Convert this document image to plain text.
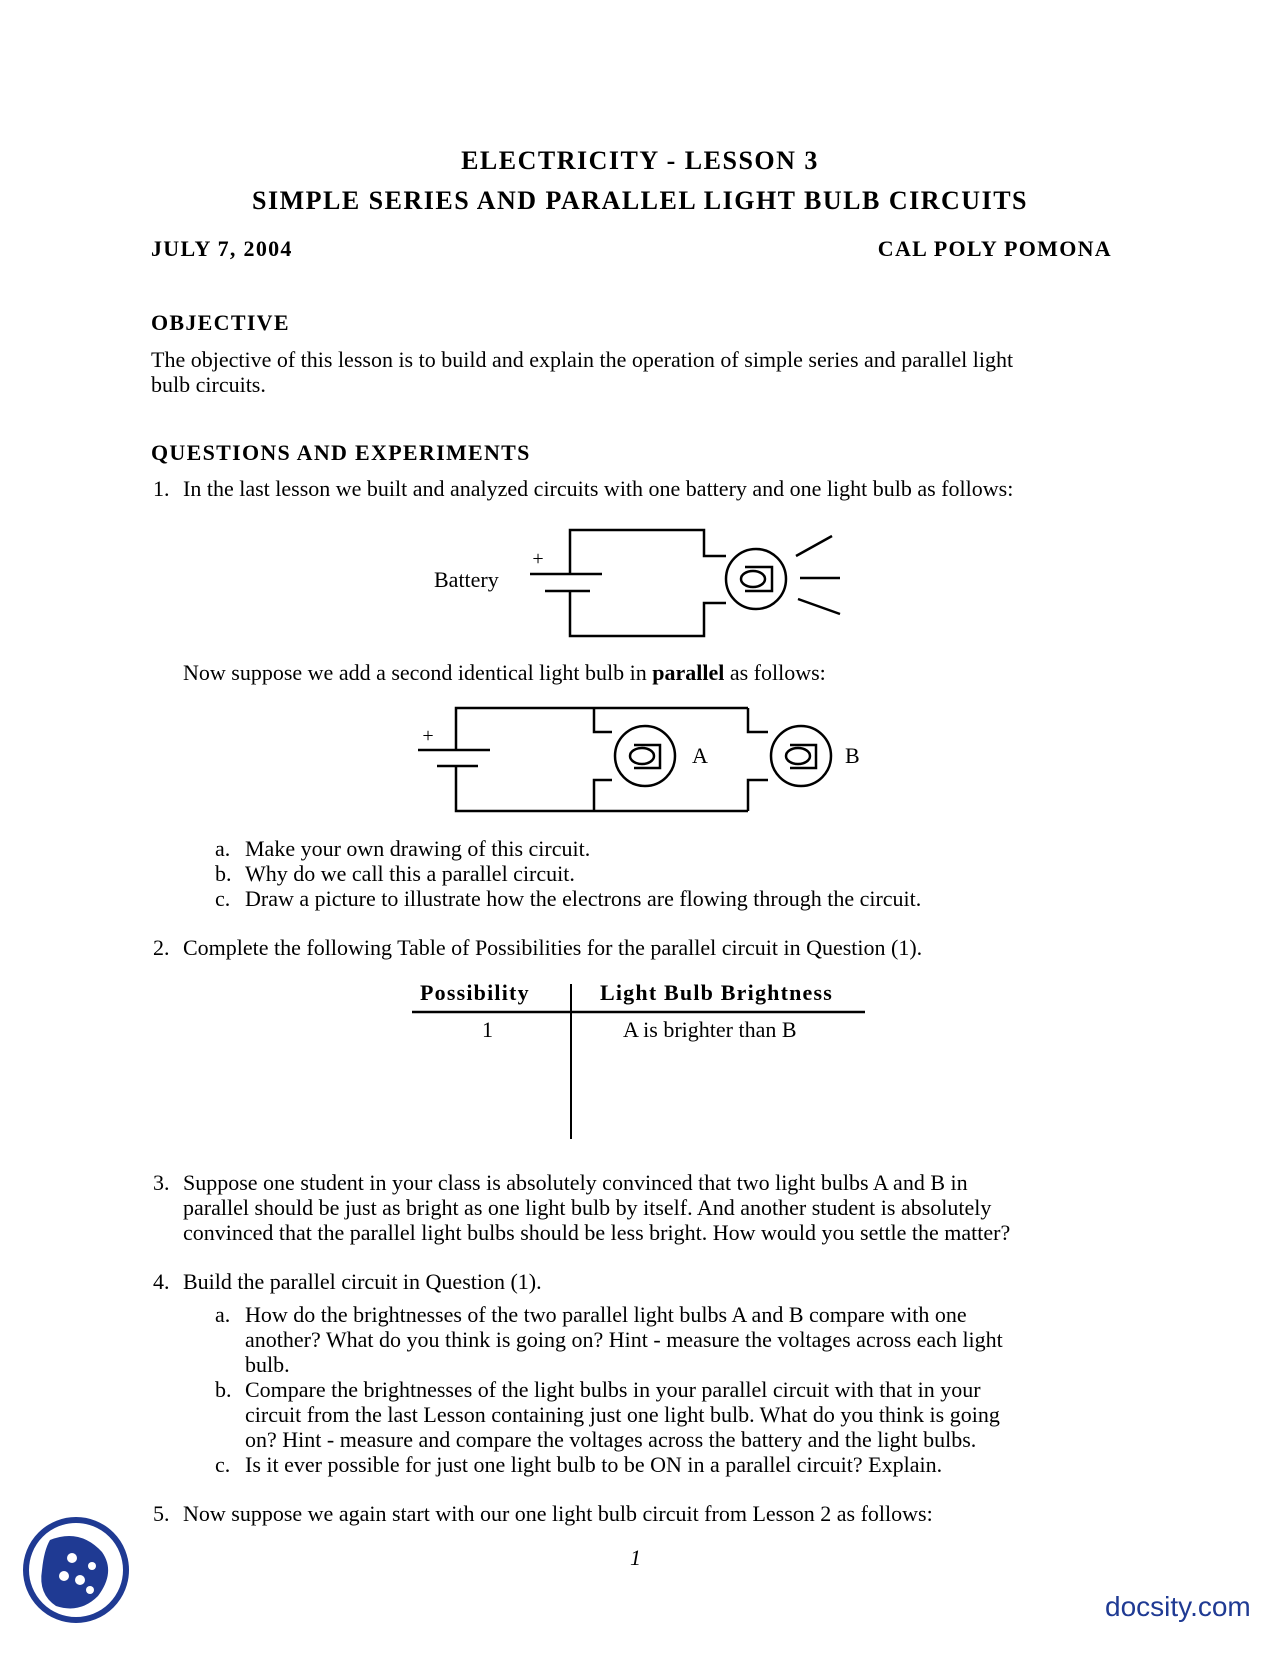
ELECTRICITY - LESSON 3
SIMPLE SERIES AND PARALLEL LIGHT BULB CIRCUITS
JULY 7, 2004	CAL POLY POMONA
OBJECTIVE
The objective of this lesson is to build and explain the operation of simple series and parallel light
bulb circuits.
QUESTIONS AND EXPERIMENTS
1. In the last lesson we built and analyzed circuits with one battery and one light bulb as follows:
+
Battery
+
A	B
Now suppose we add a second identical light bulb in parallel as follows:
a. Make your own drawing of this circuit.
b. Why do we call this a parallel circuit.
c. Draw a picture to illustrate how the electrons are flowing through the circuit.
2. Complete the following Table of Possibilities for the parallel circuit in Question (1).
Possibility	Light Bulb Brightness
1	A is brighter than B
3. Suppose one student in your class is absolutely convinced that two light bulbs A and B in
parallel should be just as bright as one light bulb by itself. And another student is absolutely
convinced that the parallel light bulbs should be less bright. How would you settle the matter?
4. Build the parallel circuit in Question (1).
a. How do the brightnesses of the two parallel light bulbs A and B compare with one
another? What do you think is going on? Hint - measure the voltages across each light
bulb.
b. Compare the brightnesses of the light bulbs in your parallel circuit with that in your
circuit from the last Lesson containing just one light bulb. What do you think is going
on? Hint - measure and compare the voltages across the battery and the light bulbs.
c. Is it ever possible for just one light bulb to be ON in a parallel circuit? Explain.
5. Now suppose we again start with our one light bulb circuit from Lesson 2 as follows:
1
docsity.com
